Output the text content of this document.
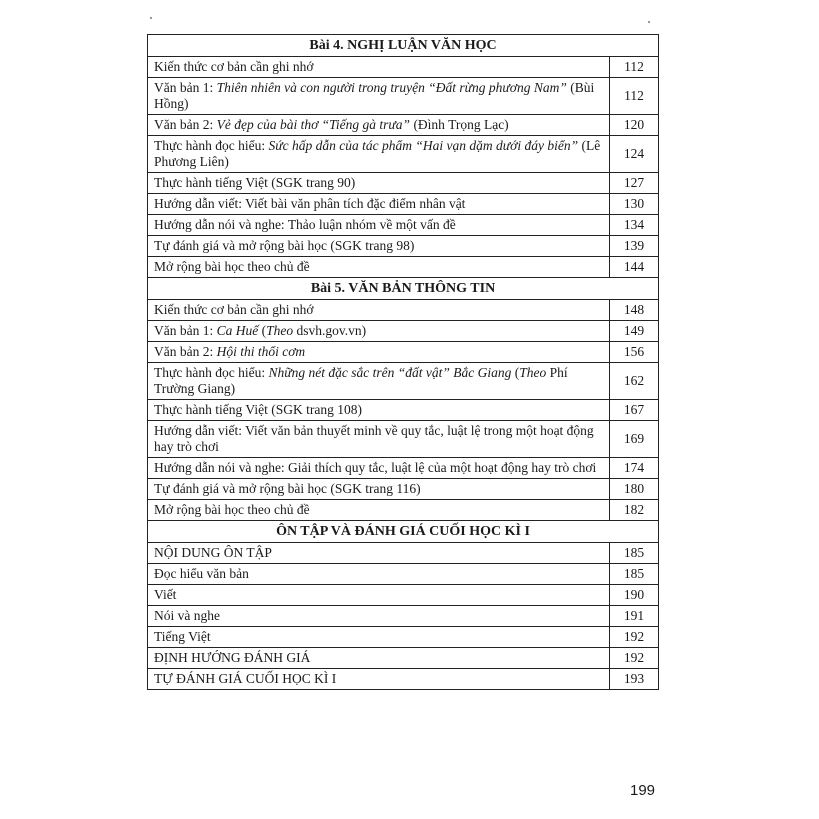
Bài 4. NGHỊ LUẬN VĂN HỌC	
Kiến thức cơ bản cần ghi nhớ	112
Văn bản 1: Thiên nhiên và con người trong truyện “Đất rừng phương Nam” (Bùi Hồng)	112
Văn bản 2: Vẻ đẹp của bài thơ “Tiếng gà trưa” (Đình Trọng Lạc)	120
Thực hành đọc hiểu: Sức hấp dẫn của tác phẩm “Hai vạn dặm dưới đáy biển” (Lê Phương Liên)	124
Thực hành tiếng Việt (SGK trang 90)	127
Hướng dẫn viết: Viết bài văn phân tích đặc điểm nhân vật	130
Hướng dẫn nói và nghe: Thảo luận nhóm về một vấn đề	134
Tự đánh giá và mở rộng bài học (SGK trang 98)	139
Mở rộng bài học theo chủ đề	144
Bài 5. VĂN BẢN THÔNG TIN	
Kiến thức cơ bản cần ghi nhớ	148
Văn bản 1: Ca Huế (Theo dsvh.gov.vn)	149
Văn bản 2: Hội thi thổi cơm	156
Thực hành đọc hiểu: Những nét đặc sắc trên “đất vật” Bắc Giang (Theo Phí Trường Giang)	162
Thực hành tiếng Việt (SGK trang 108)	167
Hướng dẫn viết: Viết văn bản thuyết minh về quy tắc, luật lệ trong một hoạt động hay trò chơi	169
Hướng dẫn nói và nghe: Giải thích quy tắc, luật lệ của một hoạt động hay trò chơi	174
Tự đánh giá và mở rộng bài học (SGK trang 116)	180
Mở rộng bài học theo chủ đề	182
ÔN TẬP VÀ ĐÁNH GIÁ CUỐI HỌC KÌ I	
NỘI DUNG ÔN TẬP	185
Đọc hiểu văn bản	185
Viết	190
Nói và nghe	191
Tiếng Việt	192
ĐỊNH HƯỚNG ĐÁNH GIÁ	192
TỰ ĐÁNH GIÁ CUỐI HỌC KÌ I	193
199
